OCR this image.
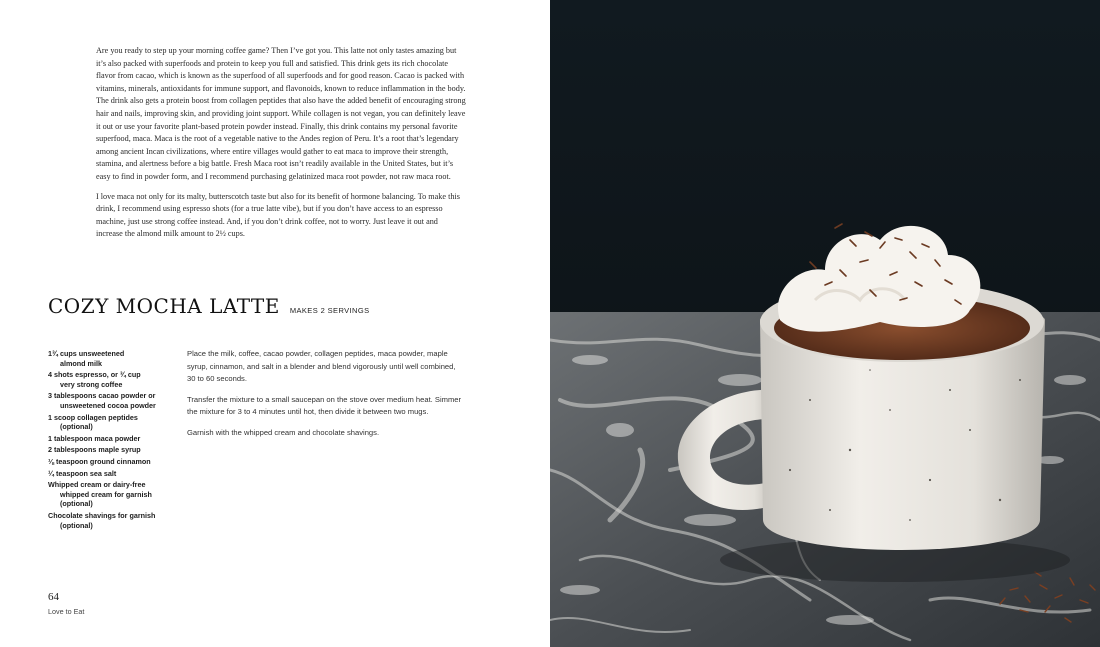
Are you ready to step up your morning coffee game? Then I’ve got you. This latte not only tastes amazing but it’s also packed with superfoods and protein to keep you full and satisfied. This drink gets its rich chocolate flavor from cacao, which is known as the superfood of all superfoods and for good reason. Cacao is packed with vitamins, minerals, antioxidants for immune support, and flavonoids, known to reduce inflammation in the body. The drink also gets a protein boost from collagen peptides that also have the added benefit of encouraging strong hair and nails, improving skin, and providing joint support. While collagen is not vegan, you can definitely leave it out or use your favorite plant-based protein powder instead. Finally, this drink contains my personal favorite superfood, maca. Maca is the root of a vegetable native to the Andes region of Peru. It’s a root that’s legendary among ancient Incan civilizations, where entire villages would gather to eat maca to improve their strength, stamina, and alertness before a big battle. Fresh Maca root isn’t readily available in the United States, but it’s easy to find in powder form, and I recommend purchasing gelatinized maca root powder, not raw maca root.

I love maca not only for its malty, butterscotch taste but also for its benefit of hormone balancing. To make this drink, I recommend using espresso shots (for a true latte vibe), but if you don’t have access to an espresso machine, just use strong coffee instead. And, if you don’t drink coffee, not to worry. Just leave it out and increase the almond milk amount to 2½ cups.

COZY MOCHA LATTE MAKES 2 SERVINGS
1¾ cups unsweetened
almond milk
4 shots espresso, or ¾ cup
very strong coffee
3 tablespoons cacao powder or
unsweetened cocoa powder
1 scoop collagen peptides
(optional)
1 tablespoon maca powder
2 tablespoons maple syrup
⅛ teaspoon ground cinnamon
¼ teaspoon sea salt
Whipped cream or dairy-free
whipped cream for garnish
(optional)
Chocolate shavings for garnish
(optional)

Place the milk, coffee, cacao powder, collagen peptides, maca powder, maple syrup, cinnamon, and salt in a blender and blend vigorously until well combined, 30 to 60 seconds.

Transfer the mixture to a small saucepan on the stove over medium heat. Simmer the mixture for 3 to 4 minutes until hot, then divide it between two mugs.

Garnish with the whipped cream and chocolate shavings.

64
Love to Eat
